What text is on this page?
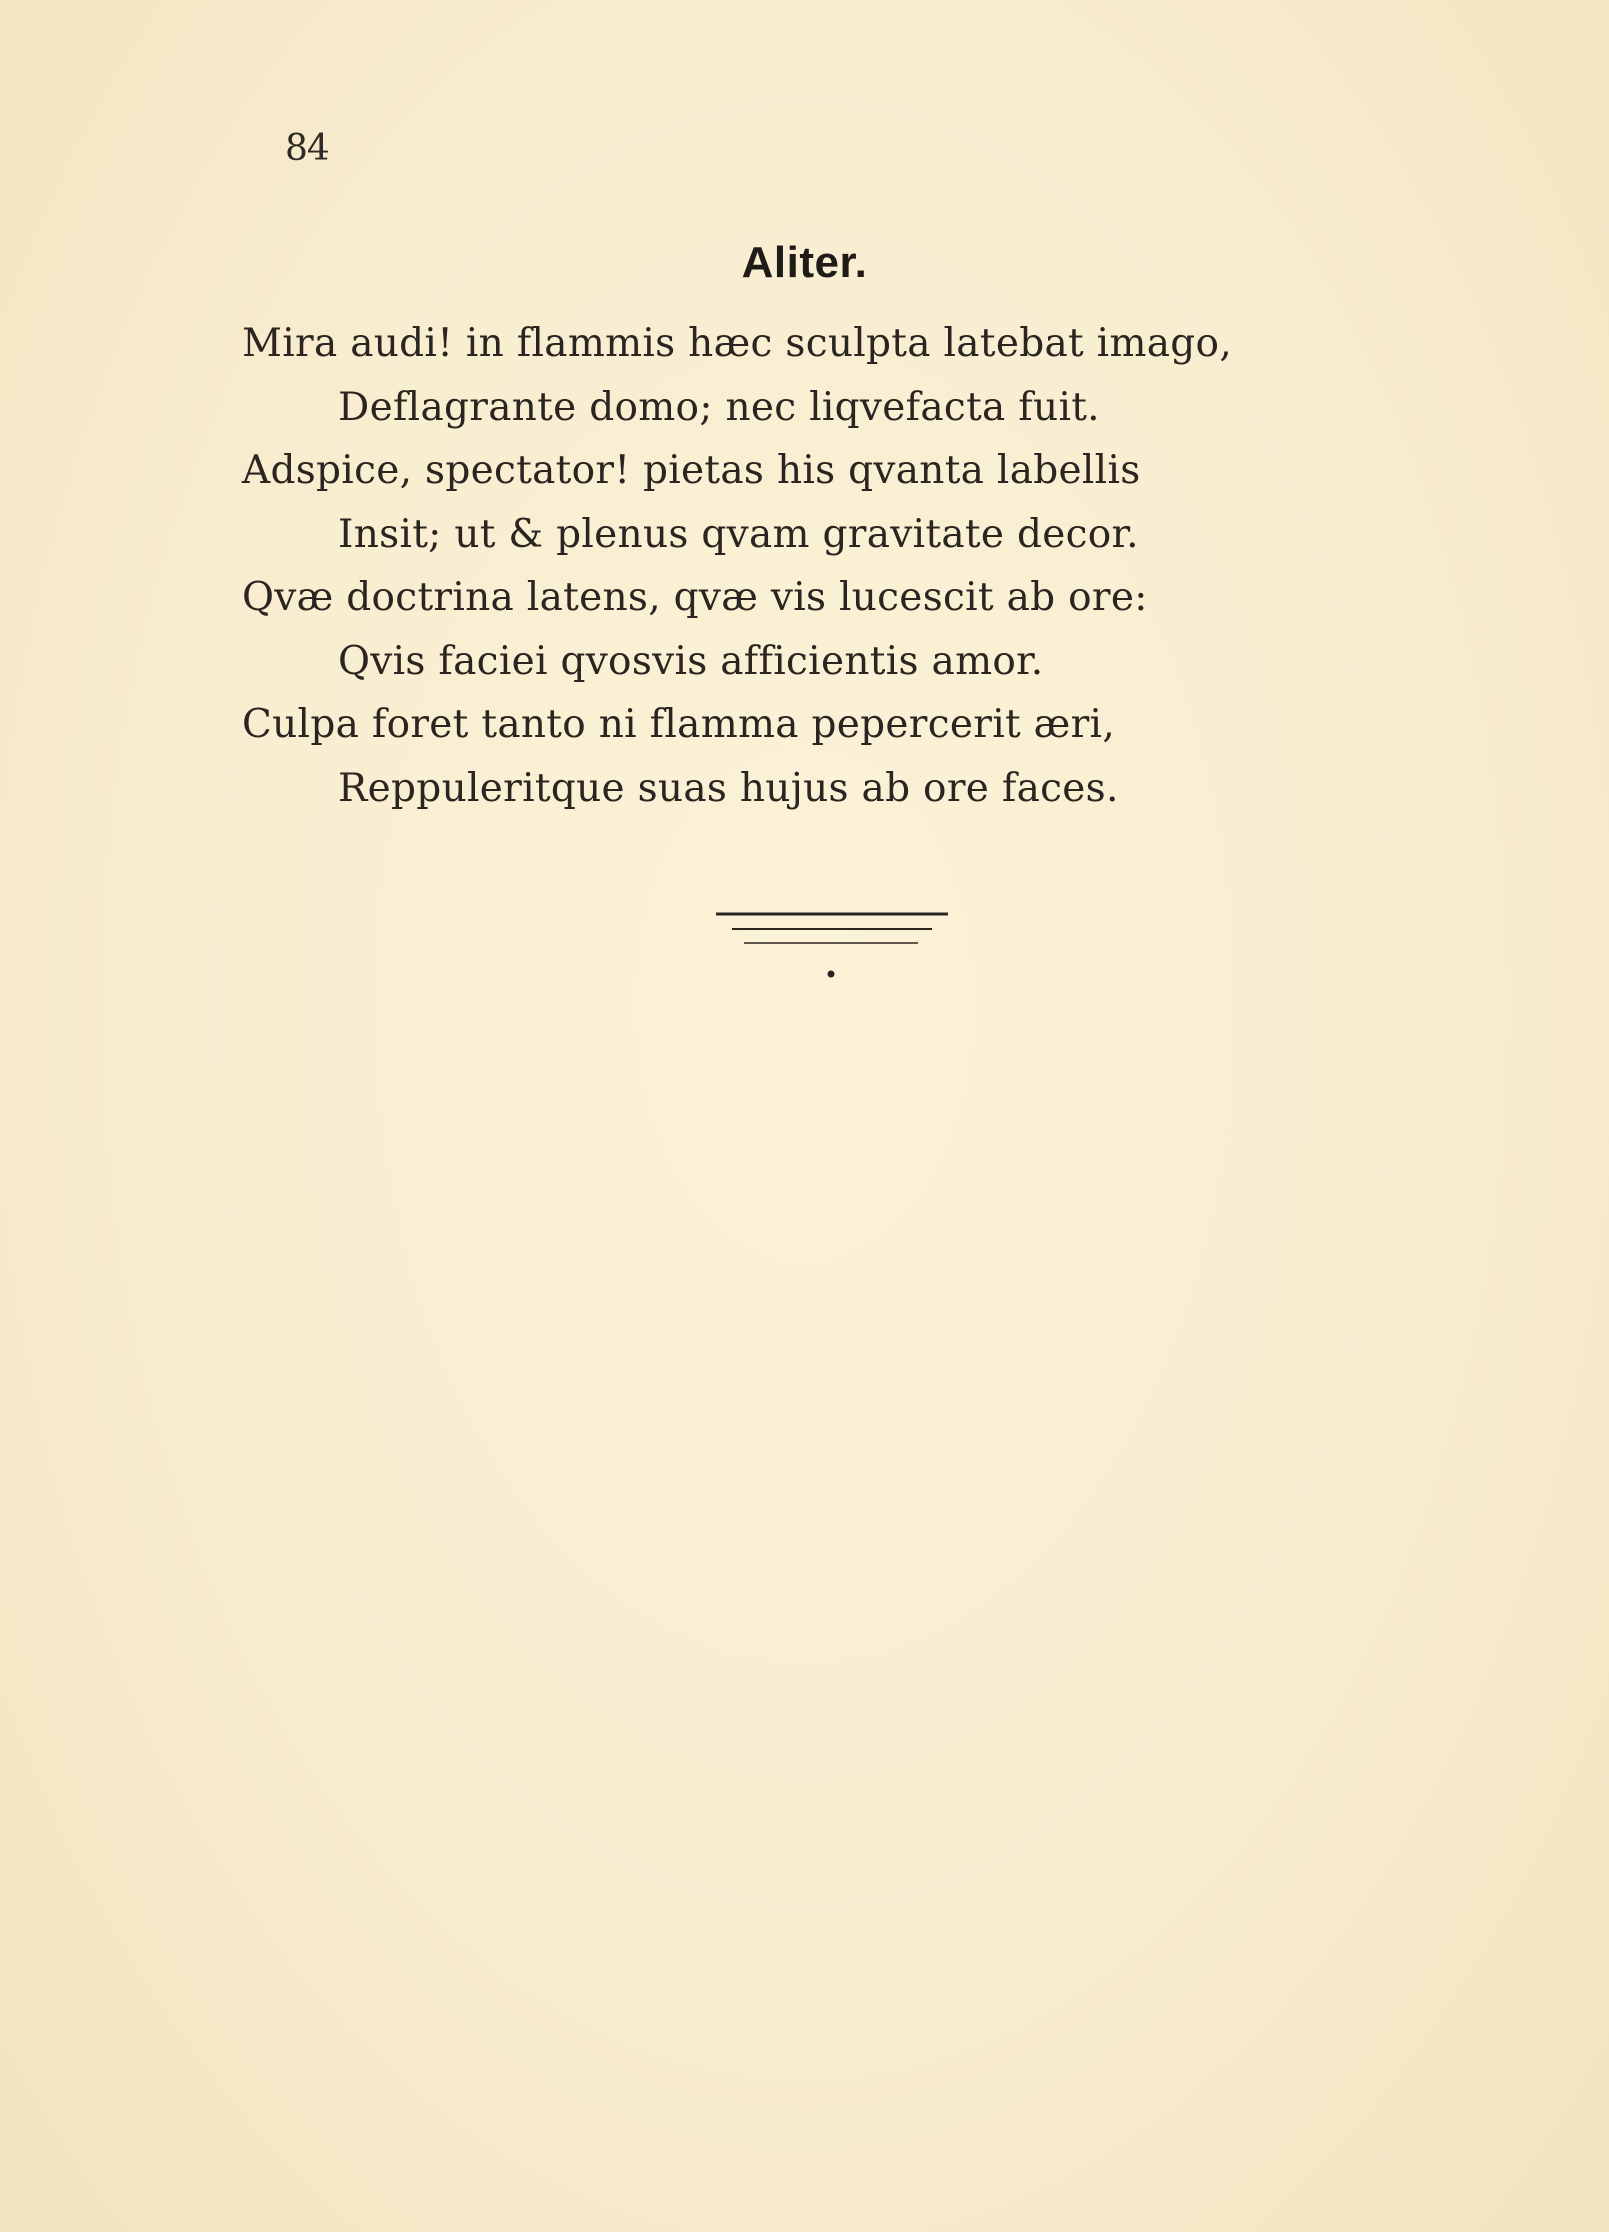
84
Aliter.
Mira audi! in flammis hæc sculpta latebat imago,
Deflagrante domo; nec liqvefacta fuit.
Adspice, spectator! pietas his qvanta labellis
Insit; ut & plenus qvam gravitate decor.
Qvæ doctrina latens, qvæ vis lucescit ab ore:
Qvis faciei qvosvis afficientis amor.
Culpa foret tanto ni flamma pepercerit æri,
Reppuleritque suas hujus ab ore faces.
